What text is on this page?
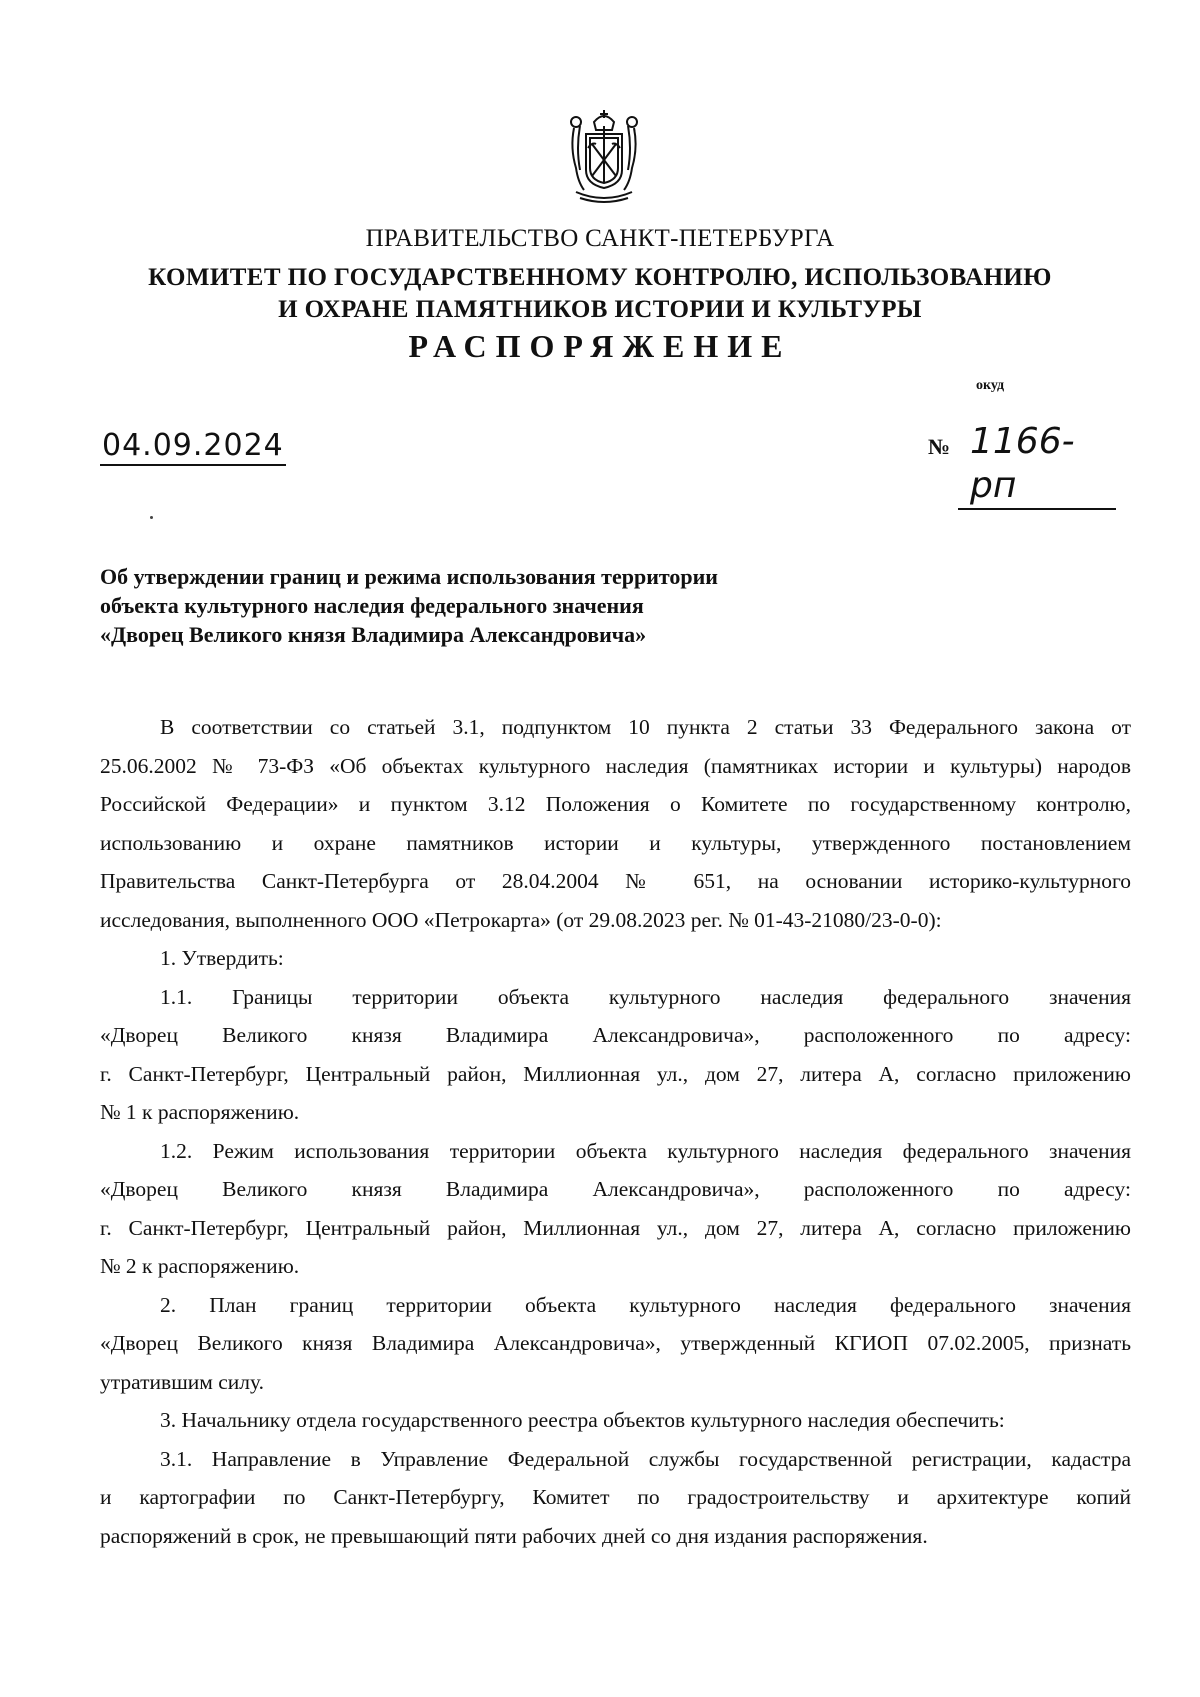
ПРАВИТЕЛЬСТВО САНКТ-ПЕТЕРБУРГА
КОМИТЕТ ПО ГОСУДАРСТВЕННОМУ КОНТРОЛЮ, ИСПОЛЬЗОВАНИЮ
И ОХРАНЕ ПАМЯТНИКОВ ИСТОРИИ И КУЛЬТУРЫ
РАСПОРЯЖЕНИЕ
окуд
04.09.2024	№ 1166-рп
Об утверждении границ и режима использования территории
объекта культурного наследия федерального значения
«Дворец Великого князя Владимира Александровича»

В соответствии со статьей 3.1, подпунктом 10 пункта 2 статьи 33 Федерального закона от

25.06.2002 № 73-ФЗ «Об объектах культурного наследия (памятниках истории и культуры) народов

Российской Федерации» и пунктом 3.12 Положения о Комитете по государственному контролю,

использованию и охране памятников истории и культуры, утвержденного постановлением

Правительства Санкт-Петербурга от 28.04.2004 № 651, на основании историко-культурного

исследования, выполненного ООО «Петрокарта» (от 29.08.2023 рег. № 01-43-21080/23-0-0):

1. Утвердить:

1.1. Границы территории объекта культурного наследия федерального значения

«Дворец Великого князя Владимира Александровича», расположенного по адресу:

г. Санкт-Петербург, Центральный район, Миллионная ул., дом 27, литера А, согласно приложению

№ 1 к распоряжению.

1.2. Режим использования территории объекта культурного наследия федерального значения

«Дворец Великого князя Владимира Александровича», расположенного по адресу:

г. Санкт-Петербург, Центральный район, Миллионная ул., дом 27, литера А, согласно приложению

№ 2 к распоряжению.

2. План границ территории объекта культурного наследия федерального значения

«Дворец Великого князя Владимира Александровича», утвержденный КГИОП 07.02.2005, признать

утратившим силу.

3. Начальнику отдела государственного реестра объектов культурного наследия обеспечить:

3.1. Направление в Управление Федеральной службы государственной регистрации, кадастра

и картографии по Санкт-Петербургу, Комитет по градостроительству и архитектуре копий

распоряжений в срок, не превышающий пяти рабочих дней со дня издания распоряжения.
